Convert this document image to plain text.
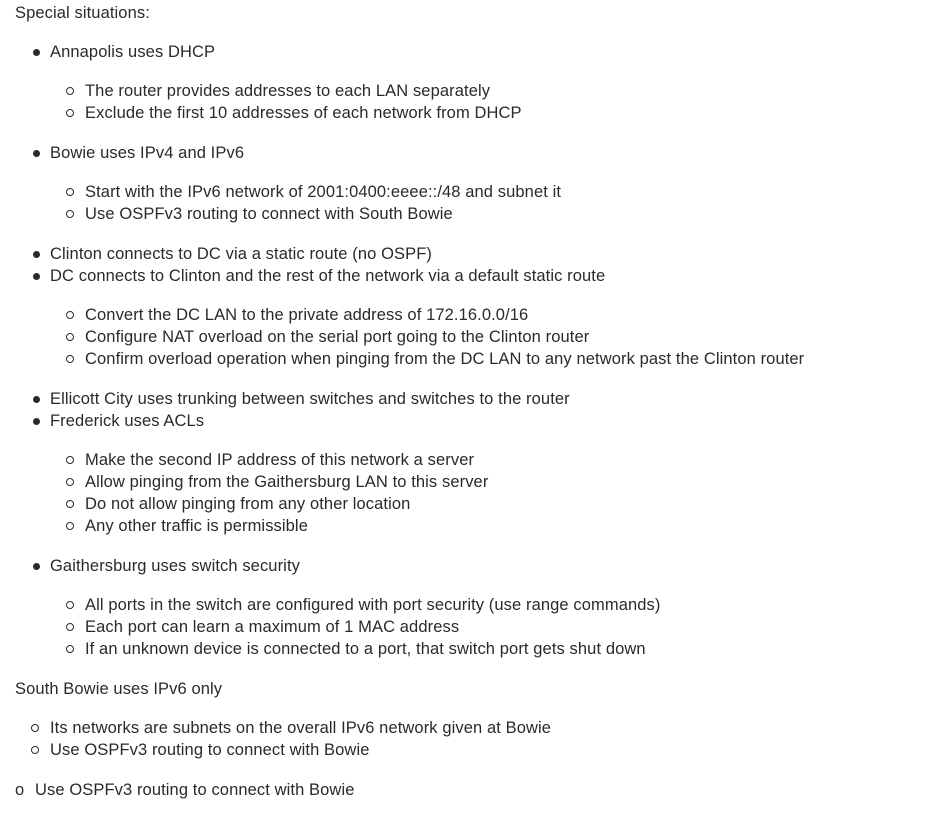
Special situations:
Annapolis uses DHCP
The router provides addresses to each LAN separately
Exclude the first 10 addresses of each network from DHCP
Bowie uses IPv4 and IPv6
Start with the IPv6 network of 2001:0400:eeee::/48 and subnet it
Use OSPFv3 routing to connect with South Bowie
Clinton connects to DC via a static route (no OSPF)
DC connects to Clinton and the rest of the network via a default static route
Convert the DC LAN to the private address of 172.16.0.0/16
Configure NAT overload on the serial port going to the Clinton router
Confirm overload operation when pinging from the DC LAN to any network past the Clinton router
Ellicott City uses trunking between switches and switches to the router
Frederick uses ACLs
Make the second IP address of this network a server
Allow pinging from the Gaithersburg LAN to this server
Do not allow pinging from any other location
Any other traffic is permissible
Gaithersburg uses switch security
All ports in the switch are configured with port security (use range commands)
Each port can learn a maximum of 1 MAC address
If an unknown device is connected to a port, that switch port gets shut down
South Bowie uses IPv6 only
Its networks are subnets on the overall IPv6 network given at Bowie
Use OSPFv3 routing to connect with Bowie
o Use OSPFv3 routing to connect with Bowie
